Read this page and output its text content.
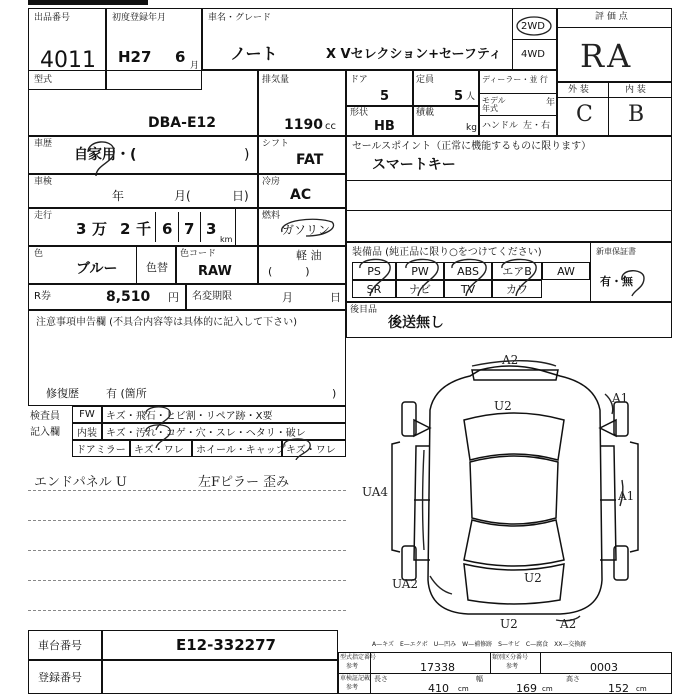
出品番号
4011
初度登録年月
H27 6 月
車名・グレード
ノート	X Vセレクション+セーフティ
2WD
4WD
評 価 点
RA
型式
DBA-E12
排気量
1190 cc
ドア
5
定員
5 人
ディーラー・並 行
モデル年式
年
ハンドル 左・右
形状
HB
積載
kg
外 装	内 装
C B
車歴
自家用・(	)
シフト
FAT
セールスポイント（正常に機能するものに限ります）
スマートキー
車検
年	月(	日)
冷房
AC
走行
3 万 2 千 6 7 3
km
燃料
ガソリン
色
ブルー	色替
色コード
RAW
軽 油
(　　　)
装備品 (純正品に限り○をつけてください)	新車保証書
有・無
PS	PW	ABS	エアB	AW
SR	ナビ	TV	カワ
R券	8,510 円 名変期限	月	日
後目品
後送無し
注意事項申告欄 (不具合内容等は具体的に記入して下さい)
修復歴 有 (箇所	)
検査員
記入欄
FW	キズ・飛石・ヒビ割・リペア跡・X要
内装 キズ・汚れ・コゲ・穴・スレ・ヘタリ・破レ
ドアミラー キズ・ワレ	ホイール・キャップ キズ・ワレ
エンドパネル U	左Fピラー 歪み
A2
A1
U2
A1
UA4
UA2	U2
U2	A2
A—キズ　E—エクボ　U—凹み　W—補修跡　S—サビ　C—腐食　XX—交換跡
車台番号	E12-332277
登録番号
型式指定番号
参考	17338
類別区分番号
参考	0003
車検証記載
参考
長さ
410 cm
幅
169 cm
高さ
152 cm
